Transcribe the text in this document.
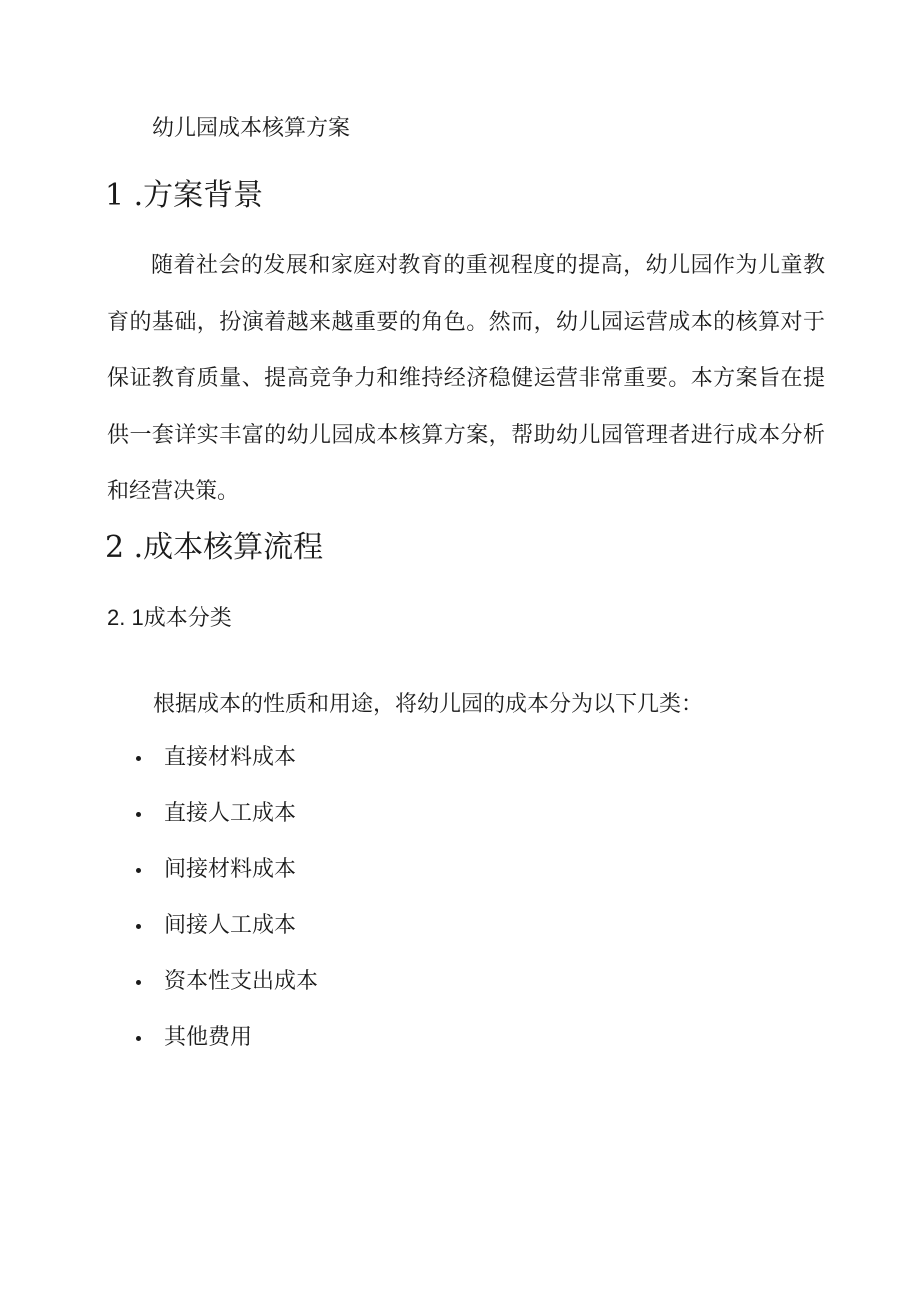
幼儿园成本核算方案
1 .方案背景

随着社会的发展和家庭对教育的重视程度的提高，幼儿园作为儿童教育的基础，扮演着越来越重要的角色。然而，幼儿园运营成本的核算对于保证教育质量、提高竞争力和维持经济稳健运营非常重要。本方案旨在提供一套详实丰富的幼儿园成本核算方案，帮助幼儿园管理者进行成本分析和经营决策。

2 .成本核算流程
2. 1成本分类
根据成本的性质和用途，将幼儿园的成本分为以下几类：
直接材料成本
直接人工成本
间接材料成本
间接人工成本
资本性支出成本
其他费用
